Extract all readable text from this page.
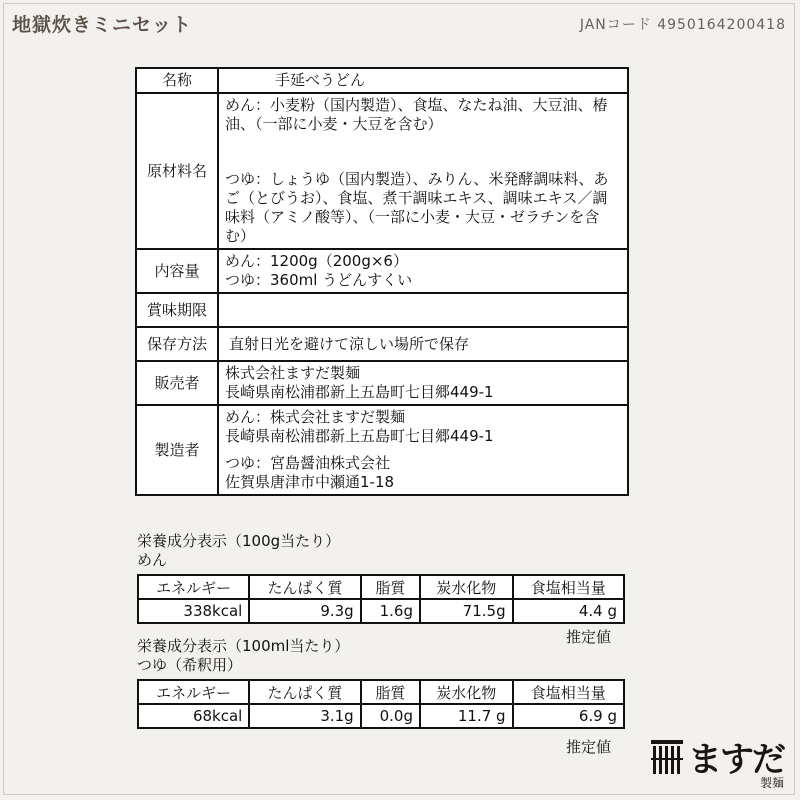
地獄炊きミニセット	JANコード 4950164200418
名称	手延べうどん
原材料名	めん：小麦粉（国内製造）、食塩、なたね油、大豆油、椿油、（一部に小麦・大豆を含む）
つゆ：しょうゆ（国内製造）、みりん、米発酵調味料、あご（とびうお）、食塩、煮干調味エキス、調味エキス／調味料（アミノ酸等）、（一部に小麦・大豆・ゼラチンを含む）

内容量	めん：1200g（200g×6）
つゆ：360ml うどんすくい

賞味期限	
保存方法	直射日光を避けて涼しい場所で保存
販売者	株式会社ますだ製麺
長崎県南松浦郡新上五島町七目郷449-1

製造者	めん：株式会社ますだ製麺
長崎県南松浦郡新上五島町七目郷449-1
つゆ：宮島醤油株式会社
佐賀県唐津市中瀬通1-18
栄養成分表示（100g当たり）
めん
エネルギー	たんぱく質	脂質	炭水化物	食塩相当量
338kcal	9.3g	1.6g	71.5g	4.4 g
推定値
栄養成分表示（100ml当たり）
つゆ（希釈用）
エネルギー	たんぱく質	脂質	炭水化物	食塩相当量
68kcal	3.1g	0.0g	11.7 g	6.9 g
推定値 ますだ
製麺
